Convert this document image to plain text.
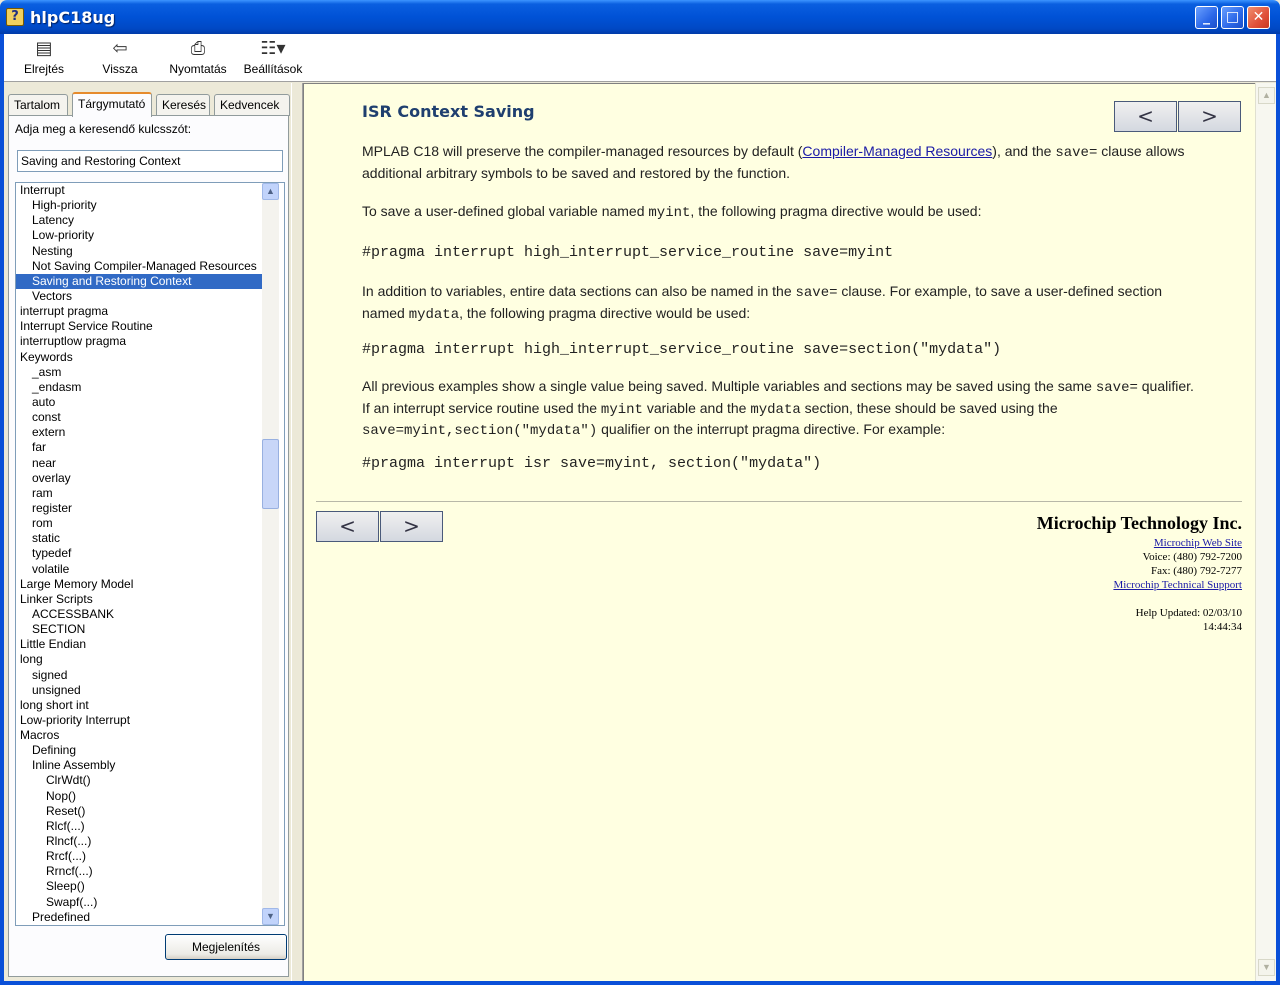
? hlpC18ug	_	□ ✕
▤
Elrejtés
⇦
Vissza
⎙
Nyomtatás
☷▾
Beállítások
Tartalom	Tárgymutató	Keresés	Kedvencek
Adja meg a keresendő kulcsszót:
Saving and Restoring Context
Interrupt
High-priority
Latency
Low-priority
Nesting
Not Saving Compiler-Managed Resources
Saving and Restoring Context
Vectors
interrupt pragma
Interrupt Service Routine
interruptlow pragma
Keywords
_asm
_endasm
auto
const
extern
far
near
overlay
ram
register
rom
static
typedef
volatile
Large Memory Model
Linker Scripts
ACCESSBANK
SECTION
Little Endian
long
signed
unsigned
long short int
Low-priority Interrupt
Macros
Defining
Inline Assembly
ClrWdt()
Nop()
Reset()
Rlcf(...)
Rlncf(...)
Rrcf(...)
Rrncf(...)
Sleep()
Swapf(...)
Predefined
▲
▼
Megjelenítés
ISR Context Saving	<	>
MPLAB C18 will preserve the compiler-managed resources by default (Compiler-Managed Resources), and the save= clause allows additional arbitrary symbols to be saved and restored by the function.
To save a user-defined global variable named myint, the following pragma directive would be used:
#pragma interrupt high_interrupt_service_routine save=myint
In addition to variables, entire data sections can also be named in the save= clause. For example, to save a user-defined section named mydata, the following pragma directive would be used:
#pragma interrupt high_interrupt_service_routine save=section("mydata")
All previous examples show a single value being saved. Multiple variables and sections may be saved using the same save= qualifier. If an interrupt service routine used the myint variable and the mydata section, these should be saved using the save=myint,section("mydata") qualifier on the interrupt pragma directive. For example:
#pragma interrupt isr save=myint, section("mydata")
<	>	Microchip Technology Inc.
Microchip Web Site
Voice: (480) 792-7200
Fax: (480) 792-7277
Microchip Technical Support
Help Updated: 02/03/10
14:44:34
▲
▼
